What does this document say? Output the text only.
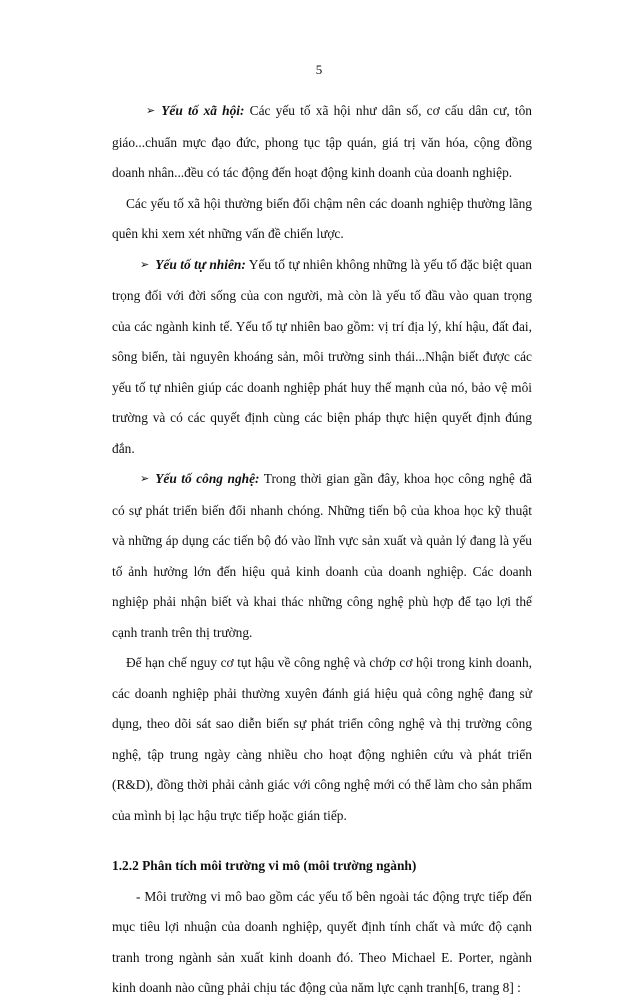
5

➢ Yếu tố xã hội: Các yếu tố xã hội như dân số, cơ cấu dân cư, tôn giáo...chuẩn mực đạo đức, phong tục tập quán, giá trị văn hóa, cộng đồng doanh nhân...đều có tác động đến hoạt động kinh doanh của doanh nghiệp.

Các yếu tố xã hội thường biến đổi chậm nên các doanh nghiệp thường lãng quên khi xem xét những vấn đề chiến lược.

➢ Yếu tố tự nhiên: Yếu tố tự nhiên không những là yếu tố đặc biệt quan trọng đối với đời sống của con người, mà còn là yếu tố đầu vào quan trọng của các ngành kinh tế. Yếu tố tự nhiên bao gồm: vị trí địa lý, khí hậu, đất đai, sông biển, tài nguyên khoáng sản, môi trường sinh thái...Nhận biết được các yếu tố tự nhiên giúp các doanh nghiệp phát huy thế mạnh của nó, bảo vệ môi trường và có các quyết định cùng các biện pháp thực hiện quyết định đúng đắn.

➢ Yếu tố công nghệ: Trong thời gian gần đây, khoa học công nghệ đã có sự phát triển biến đổi nhanh chóng. Những tiến bộ của khoa học kỹ thuật và những áp dụng các tiến bộ đó vào lĩnh vực sản xuất và quản lý đang là yếu tố ảnh hưởng lớn đến hiệu quả kinh doanh của doanh nghiệp. Các doanh nghiệp phải nhận biết và khai thác những công nghệ phù hợp để tạo lợi thế cạnh tranh trên thị trường.

Để hạn chế nguy cơ tụt hậu về công nghệ và chớp cơ hội trong kinh doanh, các doanh nghiệp phải thường xuyên đánh giá hiệu quả công nghệ đang sử dụng, theo dõi sát sao diễn biến sự phát triển công nghệ và thị trường công nghệ, tập trung ngày càng nhiều cho hoạt động nghiên cứu và phát triển (R&D), đồng thời phải cảnh giác với công nghệ mới có thể làm cho sản phẩm của mình bị lạc hậu trực tiếp hoặc gián tiếp.

1.2.2 Phân tích môi trường vi mô (môi trường ngành)

- Môi trường vi mô bao gồm các yếu tố bên ngoài tác động trực tiếp đến mục tiêu lợi nhuận của doanh nghiệp, quyết định tính chất và mức độ cạnh tranh trong ngành sản xuất kinh doanh đó. Theo Michael E. Porter, ngành kinh doanh nào cũng phải chịu tác động của năm lực cạnh tranh[6, trang 8] :
